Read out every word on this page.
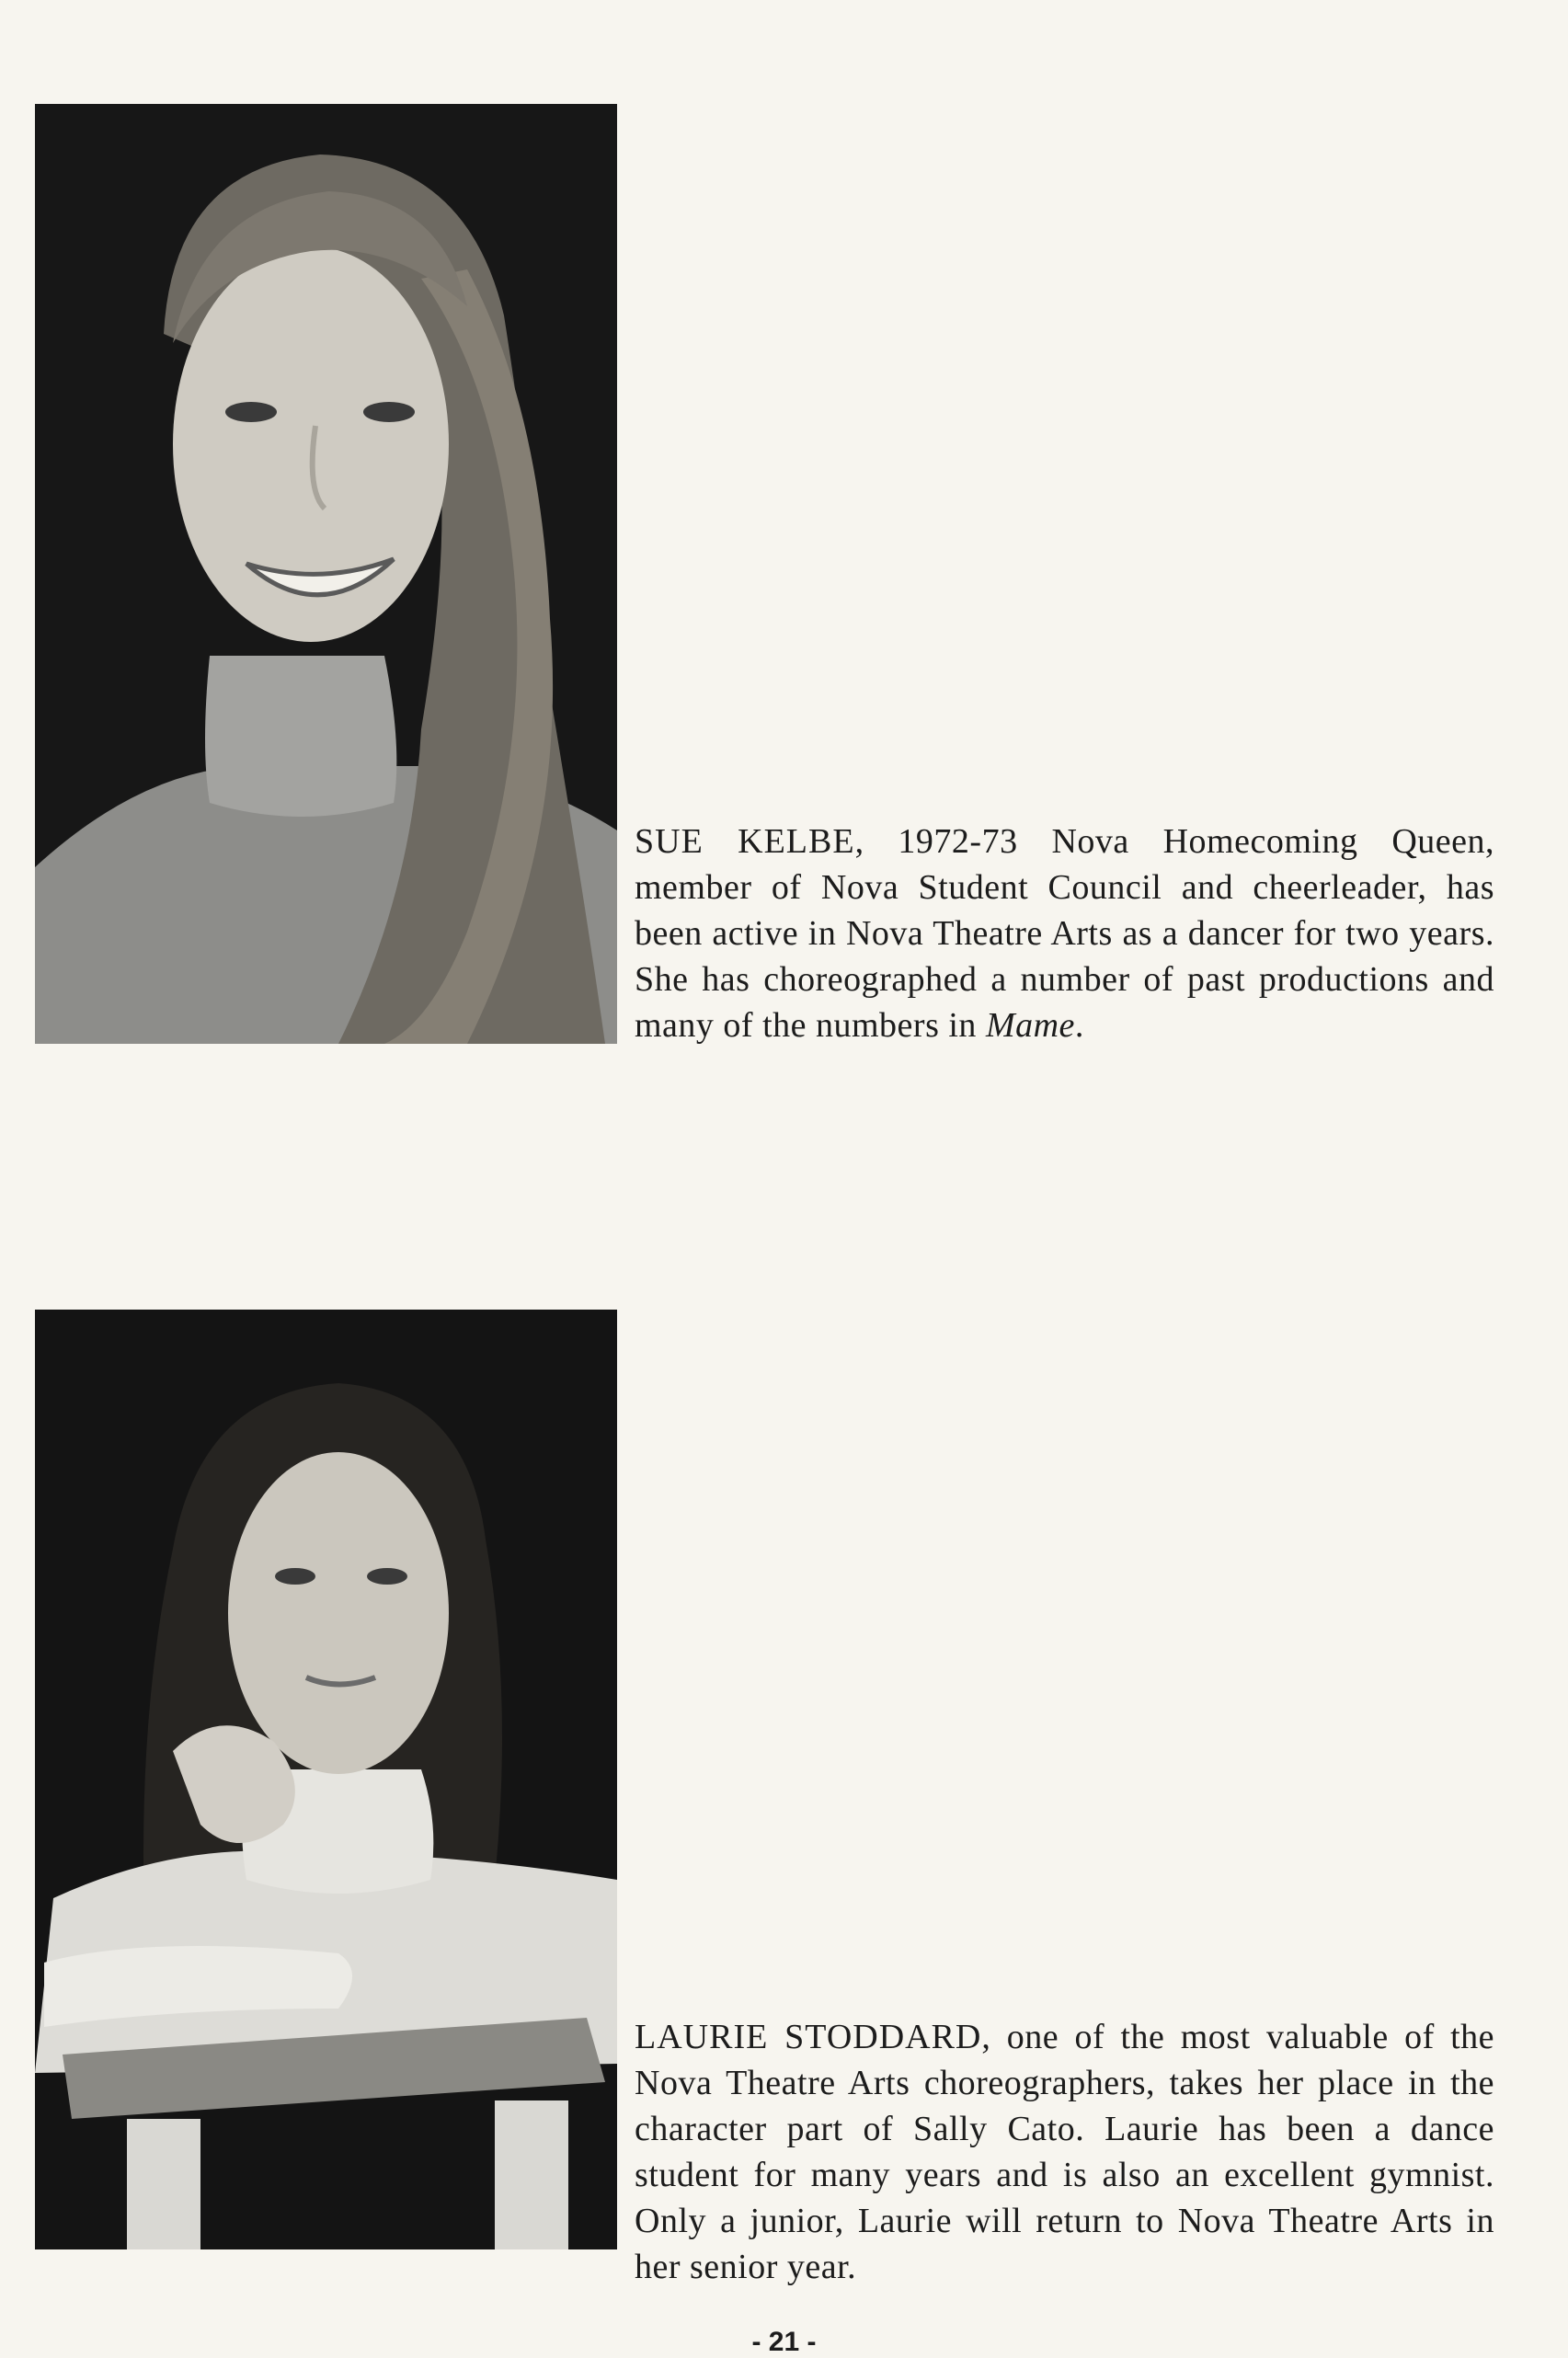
SUE KELBE, 1972-73 Nova Homecoming Queen, member of Nova Student Council and cheerleader, has been active in Nova Theatre Arts as a dancer for two years. She has choreographed a number of past productions and many of the numbers in Mame.
LAURIE STODDARD, one of the most valuable of the Nova Theatre Arts choreographers, takes her place in the character part of Sally Cato. Laurie has been a dance student for many years and is also an excellent gymnist. Only a junior, Laurie will return to Nova Theatre Arts in her senior year.
- 21 -
